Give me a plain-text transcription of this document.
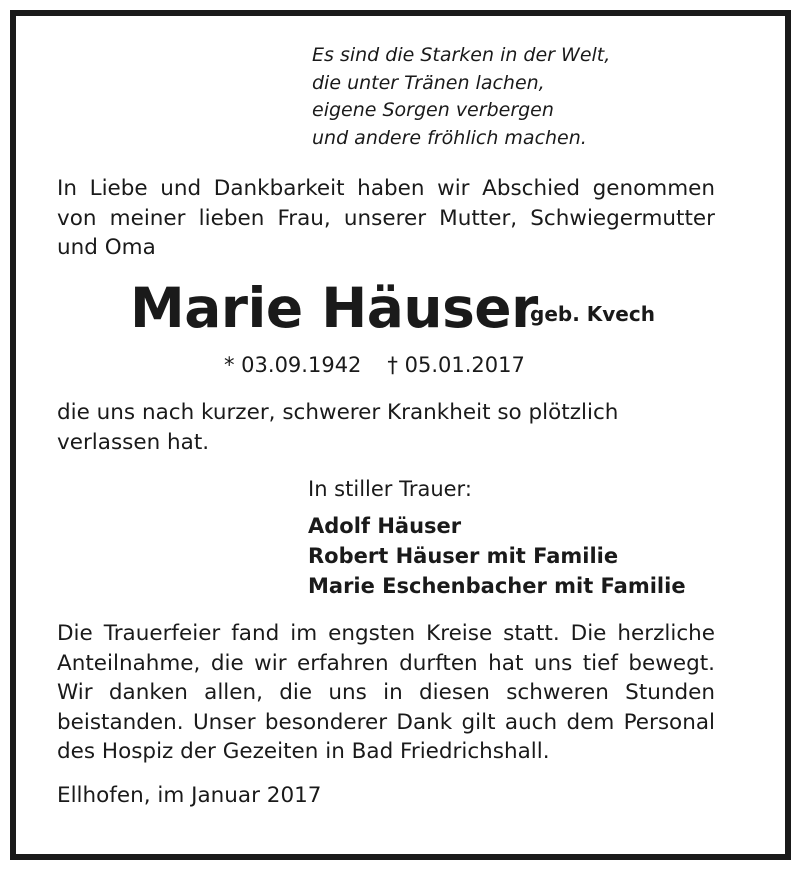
Es sind die Starken in der Welt,
die unter Tränen lachen,
eigene Sorgen verbergen
und andere fröhlich machen.
In Liebe und Dankbarkeit haben wir Abschied genommen
von meiner lieben Frau, unserer Mutter, Schwiegermutter
und Oma
Marie Häuser
geb. Kvech
* 03.09.1942 † 05.01.2017
die uns nach kurzer, schwerer Krankheit so plötzlich
verlassen hat.
In stiller Trauer:
Adolf Häuser
Robert Häuser mit Familie
Marie Eschenbacher mit Familie
Die Trauerfeier fand im engsten Kreise statt. Die herzliche
Anteilnahme, die wir erfahren durften hat uns tief bewegt.
Wir danken allen, die uns in diesen schweren Stunden
beistanden. Unser besonderer Dank gilt auch dem Personal
des Hospiz der Gezeiten in Bad Friedrichshall.
Ellhofen, im Januar 2017
